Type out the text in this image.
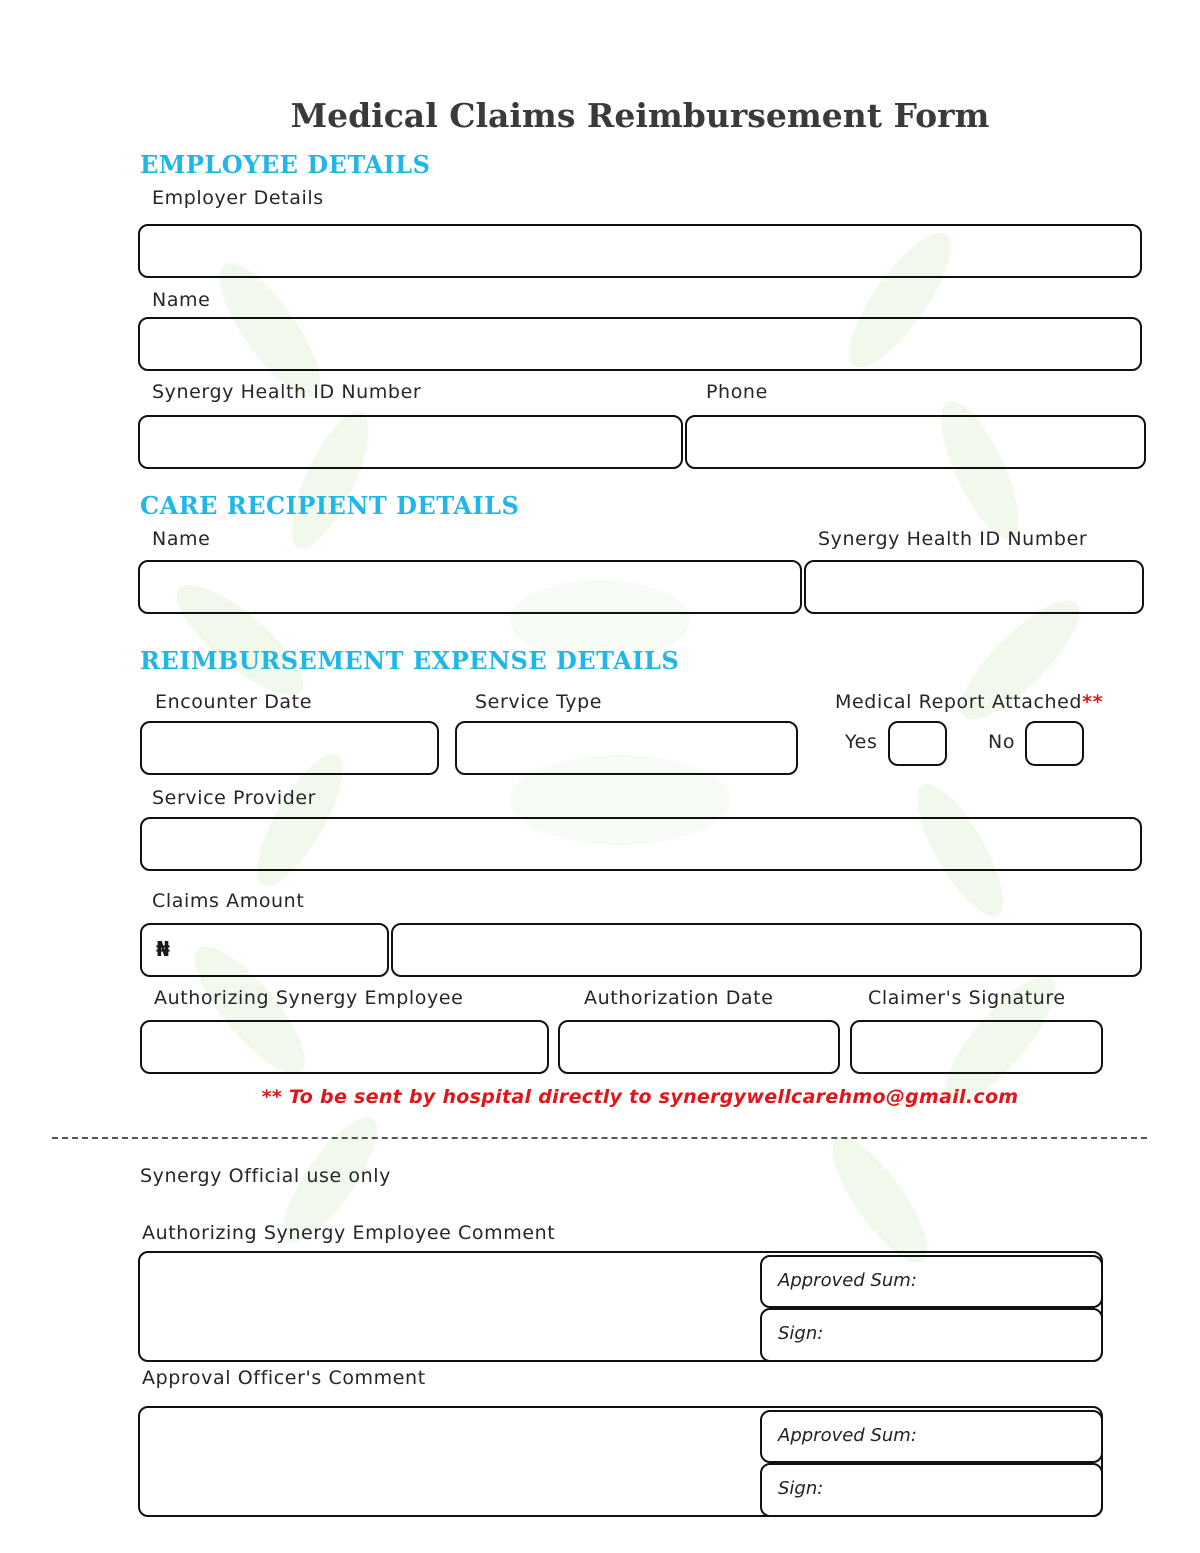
Medical Claims Reimbursement Form
EMPLOYEE DETAILS
Employer Details
Name
Synergy Health ID Number	Phone
CARE RECIPIENT DETAILS
Name	Synergy Health ID Number
REIMBURSEMENT EXPENSE DETAILS
Encounter Date	Service Type	Medical Report Attached**
Yes	No
Service Provider
Claims Amount
₦
Authorizing Synergy Employee	Authorization Date	Claimer's Signature
** To be sent by hospital directly to synergywellcarehmo@gmail.com
Synergy Official use only
Authorizing Synergy Employee Comment
Approved Sum:
Sign:
Approval Officer's Comment
Approved Sum:
Sign:
